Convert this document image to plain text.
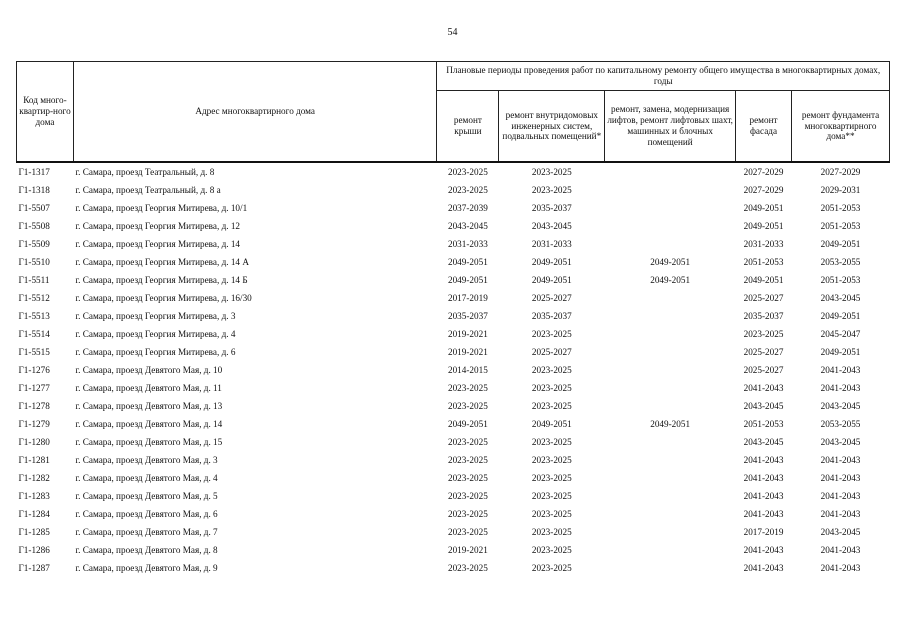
54
Код много-квартир-ного дома	Адрес многоквартирного дома	Плановые периоды проведения работ по капитальному ремонту общего имущества в многоквартирных домах, годы				

		ремонт крыши	ремонт внутридомовых инженерных систем, подвальных помещений*	ремонт, замена, модернизация лифтов, ремонт лифтовых шахт, машинных и блочных помещений	ремонт фасада	ремонт фундамента многоквартирного дома**

Г1-1317	г. Самара, проезд Театральный, д. 8	2023-2025	2023-2025		2027-2029	2027-2029
Г1-1318	г. Самара, проезд Театральный, д. 8 а	2023-2025	2023-2025		2027-2029	2029-2031
Г1-5507	г. Самара, проезд Георгия Митирева, д. 10/1	2037-2039	2035-2037		2049-2051	2051-2053
Г1-5508	г. Самара, проезд Георгия Митирева, д. 12	2043-2045	2043-2045		2049-2051	2051-2053
Г1-5509	г. Самара, проезд Георгия Митирева, д. 14	2031-2033	2031-2033		2031-2033	2049-2051
Г1-5510	г. Самара, проезд Георгия Митирева, д. 14 А	2049-2051	2049-2051	2049-2051	2051-2053	2053-2055
Г1-5511	г. Самара, проезд Георгия Митирева, д. 14 Б	2049-2051	2049-2051	2049-2051	2049-2051	2051-2053
Г1-5512	г. Самара, проезд Георгия Митирева, д. 16/30	2017-2019	2025-2027		2025-2027	2043-2045
Г1-5513	г. Самара, проезд Георгия Митирева, д. 3	2035-2037	2035-2037		2035-2037	2049-2051
Г1-5514	г. Самара, проезд Георгия Митирева, д. 4	2019-2021	2023-2025		2023-2025	2045-2047
Г1-5515	г. Самара, проезд Георгия Митирева, д. 6	2019-2021	2025-2027		2025-2027	2049-2051
Г1-1276	г. Самара, проезд Девятого Мая, д. 10	2014-2015	2023-2025		2025-2027	2041-2043
Г1-1277	г. Самара, проезд Девятого Мая, д. 11	2023-2025	2023-2025		2041-2043	2041-2043
Г1-1278	г. Самара, проезд Девятого Мая, д. 13	2023-2025	2023-2025		2043-2045	2043-2045
Г1-1279	г. Самара, проезд Девятого Мая, д. 14	2049-2051	2049-2051	2049-2051	2051-2053	2053-2055
Г1-1280	г. Самара, проезд Девятого Мая, д. 15	2023-2025	2023-2025		2043-2045	2043-2045
Г1-1281	г. Самара, проезд Девятого Мая, д. 3	2023-2025	2023-2025		2041-2043	2041-2043
Г1-1282	г. Самара, проезд Девятого Мая, д. 4	2023-2025	2023-2025		2041-2043	2041-2043
Г1-1283	г. Самара, проезд Девятого Мая, д. 5	2023-2025	2023-2025		2041-2043	2041-2043
Г1-1284	г. Самара, проезд Девятого Мая, д. 6	2023-2025	2023-2025		2041-2043	2041-2043
Г1-1285	г. Самара, проезд Девятого Мая, д. 7	2023-2025	2023-2025		2017-2019	2043-2045
Г1-1286	г. Самара, проезд Девятого Мая, д. 8	2019-2021	2023-2025		2041-2043	2041-2043
Г1-1287	г. Самара, проезд Девятого Мая, д. 9	2023-2025	2023-2025		2041-2043	2041-2043
